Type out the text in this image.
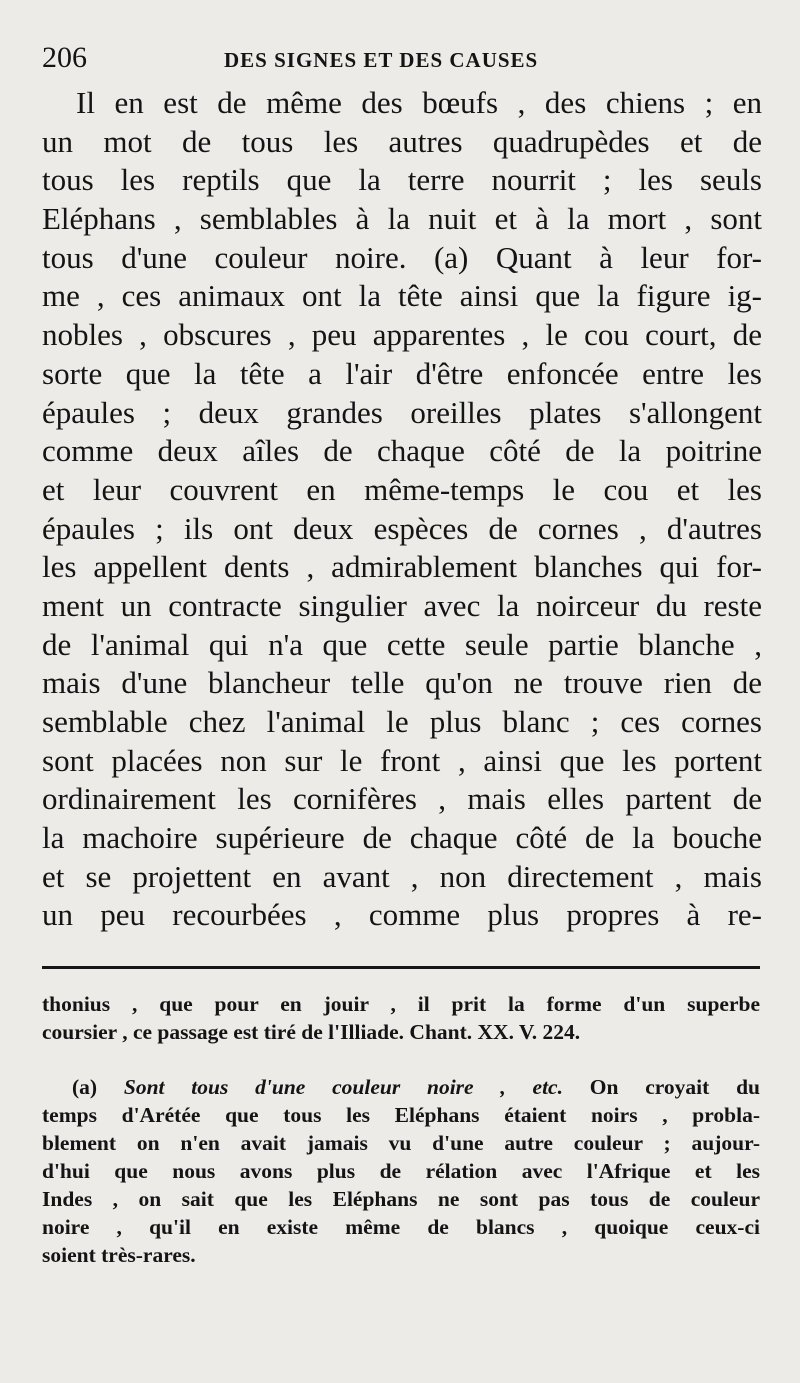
206	DES SIGNES ET DES CAUSES
Il en est de même des bœufs , des chiens ; en
un mot de tous les autres quadrupèdes et de
tous les reptils que la terre nourrit ; les seuls
Eléphans , semblables à la nuit et à la mort , sont
tous d'une couleur noire. (a) Quant à leur for-
me , ces animaux ont la tête ainsi que la figure ig-
nobles , obscures , peu apparentes , le cou court, de
sorte que la tête a l'air d'être enfoncée entre les
épaules ; deux grandes oreilles plates s'allongent
comme deux aîles de chaque côté de la poitrine
et leur couvrent en même-temps le cou et les
épaules ; ils ont deux espèces de cornes , d'autres
les appellent dents , admirablement blanches qui for-
ment un contracte singulier avec la noirceur du reste
de l'animal qui n'a que cette seule partie blanche ,
mais d'une blancheur telle qu'on ne trouve rien de
semblable chez l'animal le plus blanc ; ces cornes
sont placées non sur le front , ainsi que les portent
ordinairement les cornifères , mais elles partent de
la machoire supérieure de chaque côté de la bouche
et se projettent en avant , non directement , mais
un peu recourbées , comme plus propres à re-
thonius , que pour en jouir , il prit la forme d'un superbe
coursier , ce passage est tiré de l'Illiade. Chant. XX. V. 224.
(a) Sont tous d'une couleur noire , etc. On croyait du
temps d'Arétée que tous les Eléphans étaient noirs , probla-
blement on n'en avait jamais vu d'une autre couleur ; aujour-
d'hui que nous avons plus de rélation avec l'Afrique et les
Indes , on sait que les Eléphans ne sont pas tous de couleur
noire , qu'il en existe même de blancs , quoique ceux-ci
soient très-rares.
